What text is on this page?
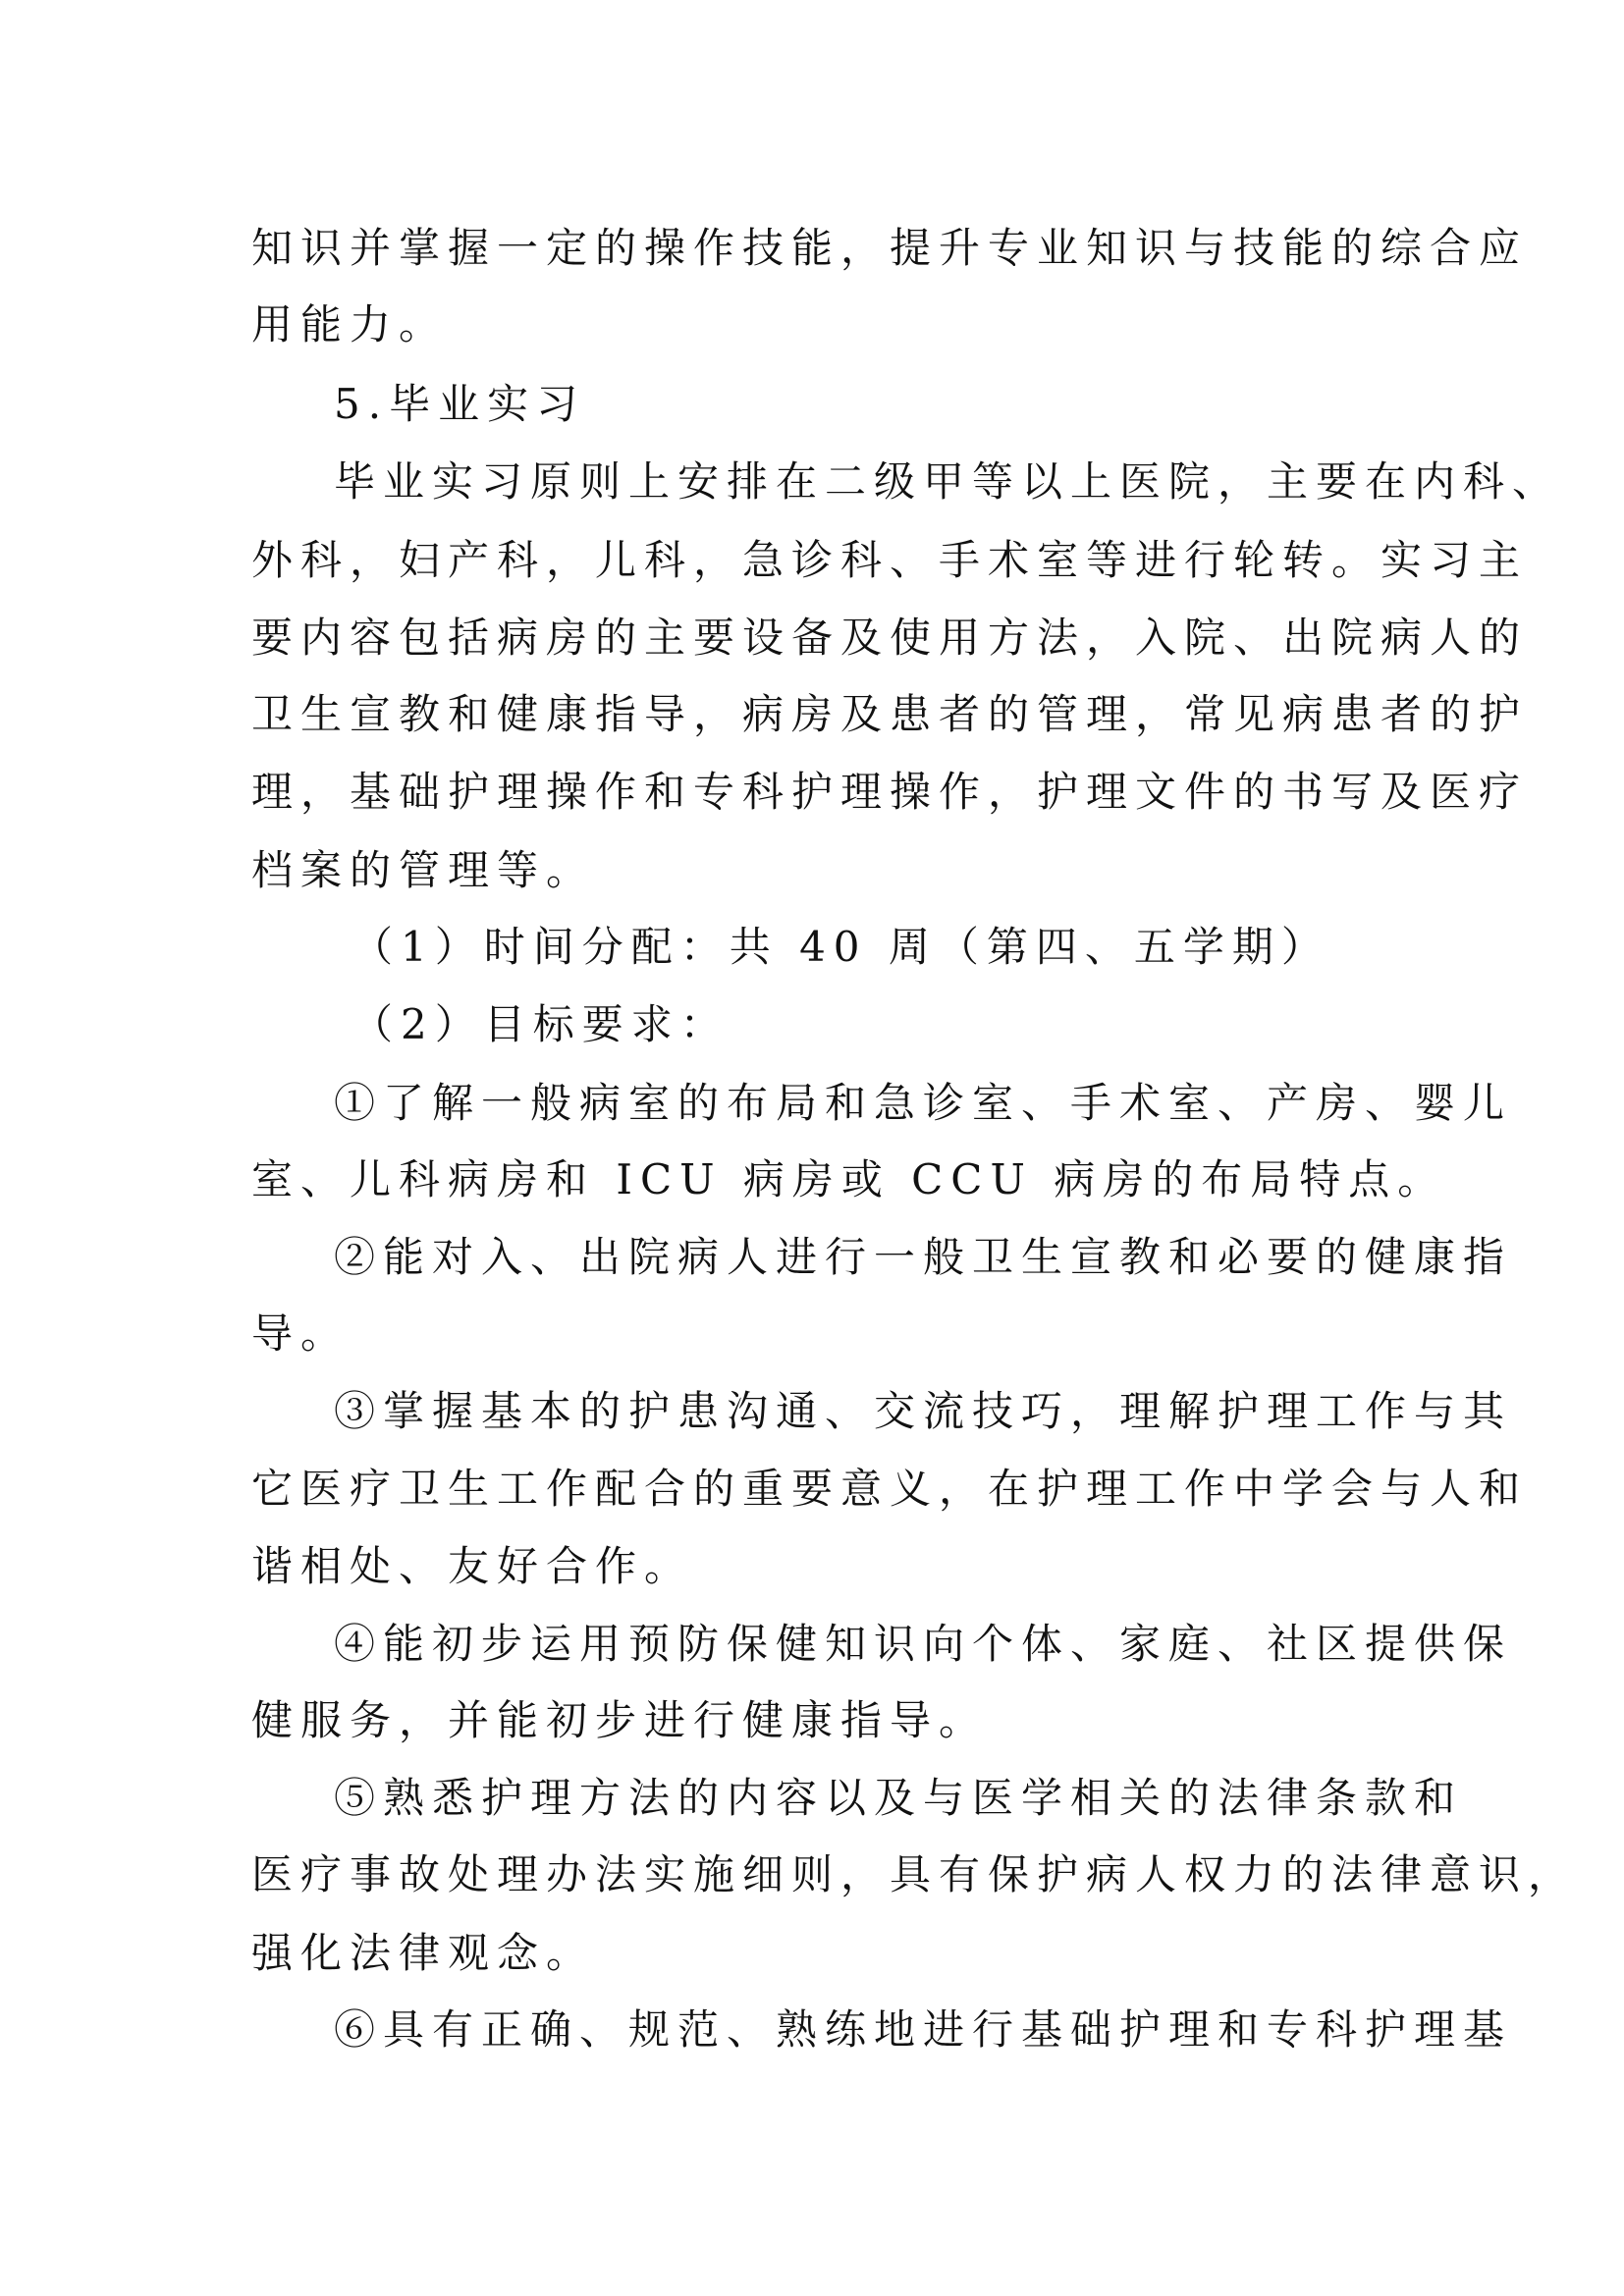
知识并掌握一定的操作技能，提升专业知识与技能的综合应
用能力。
5.毕业实习
毕业实习原则上安排在二级甲等以上医院，主要在内科、
外科，妇产科，儿科，急诊科、手术室等进行轮转。实习主
要内容包括病房的主要设备及使用方法，入院、出院病人的
卫生宣教和健康指导，病房及患者的管理，常见病患者的护
理，基础护理操作和专科护理操作，护理文件的书写及医疗
档案的管理等。
（1）时间分配：共 40 周（第四、五学期）
（2）目标要求：
①了解一般病室的布局和急诊室、手术室、产房、婴儿
室、儿科病房和 ICU 病房或 CCU 病房的布局特点。
②能对入、出院病人进行一般卫生宣教和必要的健康指
导。
③掌握基本的护患沟通、交流技巧，理解护理工作与其
它医疗卫生工作配合的重要意义，在护理工作中学会与人和
谐相处、友好合作。
④能初步运用预防保健知识向个体、家庭、社区提供保
健服务，并能初步进行健康指导。
⑤熟悉护理方法的内容以及与医学相关的法律条款和
医疗事故处理办法实施细则，具有保护病人权力的法律意识，
强化法律观念。
⑥具有正确、规范、熟练地进行基础护理和专科护理基
